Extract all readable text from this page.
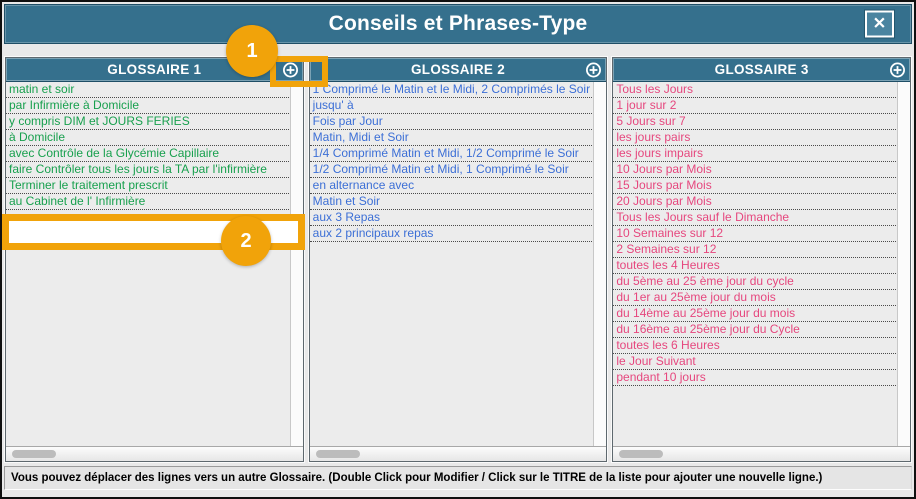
Conseils et Phrases-Type	✕
GLOSSAIRE 1
matin et soir
par Infirmière à Domicile
y compris DIM et JOURS FERIES
à Domicile
avec Contrôle de la Glycémie Capillaire
faire Contrôler tous les jours la TA par l'infirmière
Terminer le traitement prescrit
au Cabinet de l' Infirmière
GLOSSAIRE 2
1 Comprimé le Matin et le Midi, 2 Comprimés le Soir
jusqu' à
Fois par Jour
Matin, Midi et Soir
1/4 Comprimé Matin et Midi, 1/2 Comprimé le Soir
1/2 Comprimé Matin et Midi, 1 Comprimé le Soir
en alternance avec
Matin et Soir
aux 3 Repas
aux 2 principaux repas
GLOSSAIRE 3
Tous les Jours
1 jour sur 2
5 Jours sur 7
les jours pairs
les jours impairs
10 Jours par Mois
15 Jours par Mois
20 Jours par Mois
Tous les Jours sauf le Dimanche
10 Semaines sur 12
2 Semaines sur 12
toutes les 4 Heures
du 5ème au 25 ème jour du cycle
du 1er au 25ème jour du mois
du 14ème au 25ème jour du mois
du 16ème au 25ème jour du Cycle
toutes les 6 Heures
le Jour Suivant
pendant 10 jours
Vous pouvez déplacer des lignes vers un autre Glossaire. (Double Click pour Modifier / Click sur le TITRE de la liste pour ajouter une nouvelle ligne.)
1
2
